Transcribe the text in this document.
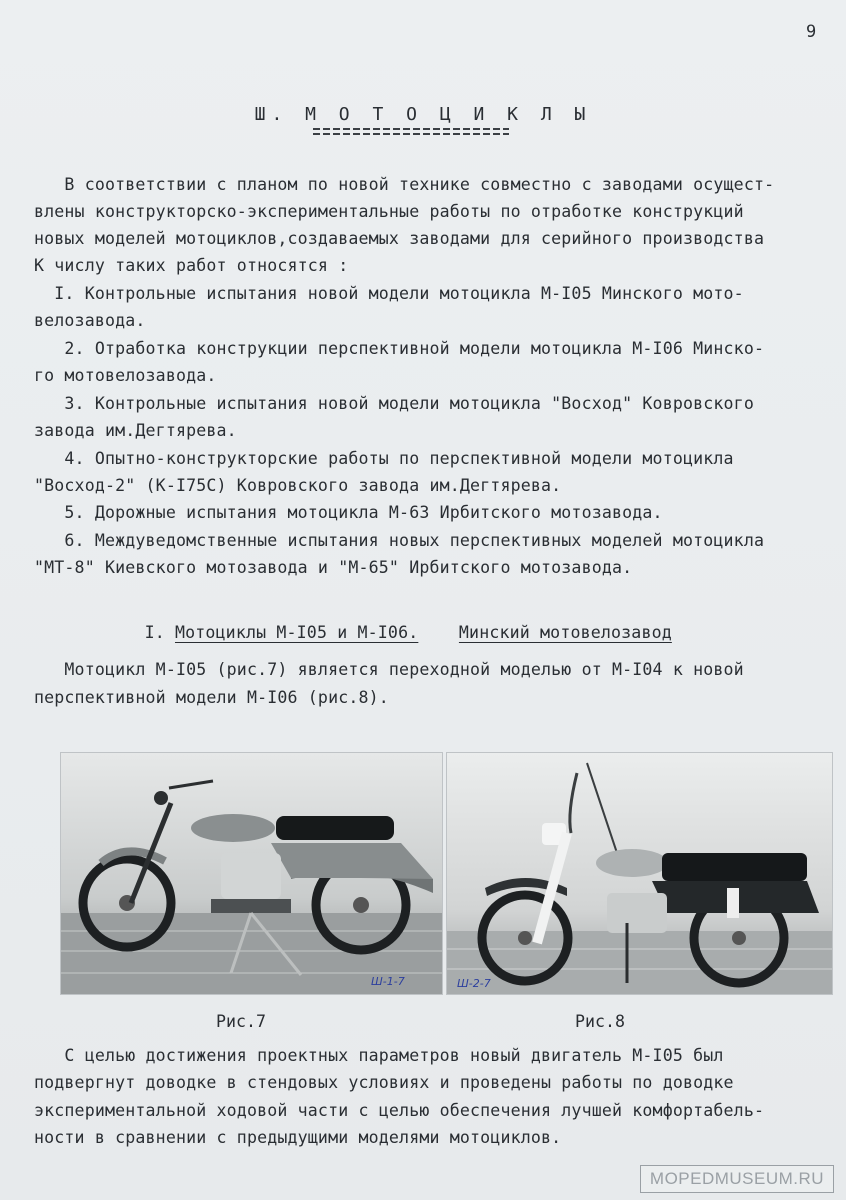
9
Ш. М О Т О Ц И К Л Ы
В соответствии с планом по новой технике совместно с заводами осущест-
влены конструкторско-экспериментальные работы по отработке конструкций
новых моделей мотоциклов,создаваемых заводами для серийного производства
К числу таких работ относятся :
I. Контрольные испытания новой модели мотоцикла М-I05 Минского мото-
велозавода.
2. Отработка конструкции перспективной модели мотоцикла М-I06 Минско-
го мотовелозавода.
3. Контрольные испытания новой модели мотоцикла "Восход" Ковровского
завода им.Дегтярева.
4. Опытно-конструкторские работы по перспективной модели мотоцикла
"Восход-2" (К-I75С) Ковровского завода им.Дегтярева.
5. Дорожные испытания мотоцикла М-63 Ирбитского мотозавода.
6. Междуведомственные испытания новых перспективных моделей мотоцикла
"МТ-8" Киевского мотозавода и "М-65" Ирбитского мотозавода.

I. Мотоциклы М-I05 и М-I06. Минский мотовелозавод

Мотоцикл М-I05 (рис.7) является переходной моделью от М-I04 к новой
перспективной модели М-I06 (рис.8).
Ш-1-7	Ш-2-7
Рис.7	Рис.8
С целью достижения проектных параметров новый двигатель М-I05 был
подвергнут доводке в стендовых условиях и проведены работы по доводке
экспериментальной ходовой части с целью обеспечения лучшей комфортабель-
ности в сравнении с предыдущими моделями мотоциклов.
MOPEDMUSEUM.RU
